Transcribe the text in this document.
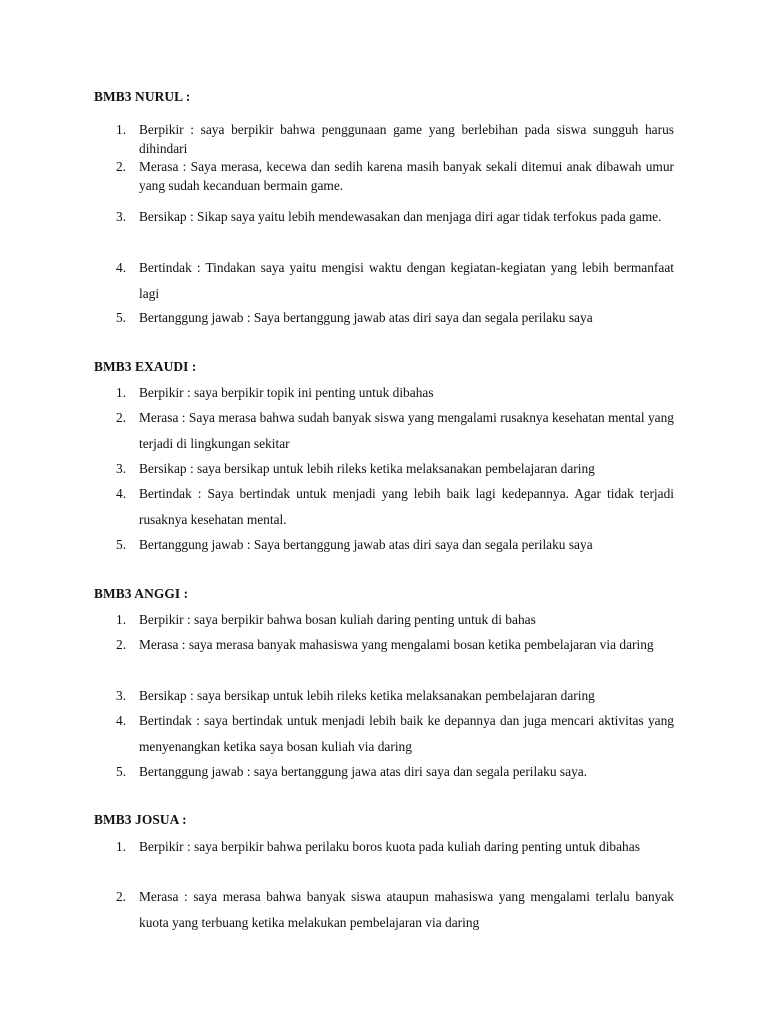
BMB3 NURUL :
1. Berpikir : saya berpikir bahwa penggunaan game yang berlebihan pada siswa sungguh harus dihindari
2. Merasa : Saya merasa, kecewa dan sedih karena masih banyak sekali ditemui anak dibawah umur yang sudah kecanduan bermain game.
3. Bersikap : Sikap saya yaitu lebih mendewasakan dan menjaga diri agar tidak terfokus pada game.
4. Bertindak : Tindakan saya yaitu mengisi waktu dengan kegiatan-kegiatan yang lebih bermanfaat lagi
5. Bertanggung jawab : Saya bertanggung jawab atas diri saya dan segala perilaku saya
BMB3 EXAUDI :
1. Berpikir : saya berpikir topik ini penting untuk dibahas
2. Merasa : Saya merasa bahwa sudah banyak siswa yang mengalami rusaknya kesehatan mental yang terjadi di lingkungan sekitar
3. Bersikap : saya bersikap untuk lebih rileks ketika melaksanakan pembelajaran daring
4. Bertindak : Saya bertindak untuk menjadi yang lebih baik lagi kedepannya. Agar tidak terjadi rusaknya kesehatan mental.
5. Bertanggung jawab : Saya bertanggung jawab atas diri saya dan segala perilaku saya
BMB3 ANGGI :
1. Berpikir : saya berpikir bahwa bosan kuliah daring penting untuk di bahas
2. Merasa : saya merasa banyak mahasiswa yang mengalami bosan ketika pembelajaran via daring
3. Bersikap : saya bersikap untuk lebih rileks ketika melaksanakan pembelajaran daring
4. Bertindak : saya bertindak untuk menjadi lebih baik ke depannya dan juga mencari aktivitas yang menyenangkan ketika saya bosan kuliah via daring
5. Bertanggung jawab : saya bertanggung jawa atas diri saya dan segala perilaku saya.
BMB3 JOSUA :
1. Berpikir : saya berpikir bahwa perilaku boros kuota pada kuliah daring penting untuk dibahas
2. Merasa : saya merasa bahwa banyak siswa ataupun mahasiswa yang mengalami terlalu banyak kuota yang terbuang ketika melakukan pembelajaran via daring
